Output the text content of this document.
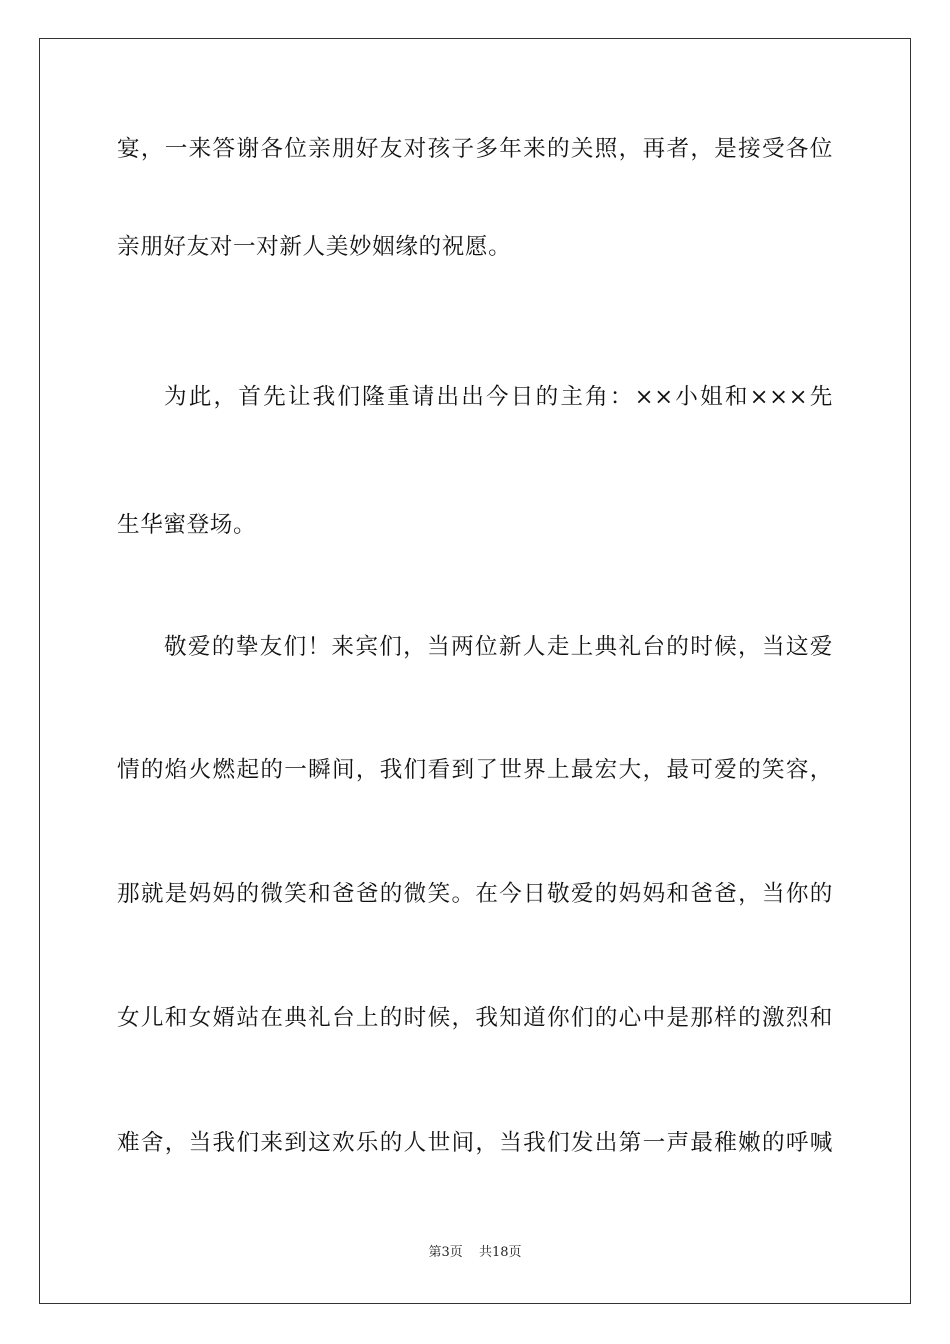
宴，一来答谢各位亲朋好友对孩子多年来的关照，再者，是接受各位
亲朋好友对一对新人美妙姻缘的祝愿。
为此，首先让我们隆重请出出今日的主角：××小姐和×××先
生华蜜登场。
敬爱的挚友们！来宾们，当两位新人走上典礼台的时候，当这爱
情的焰火燃起的一瞬间，我们看到了世界上最宏大，最可爱的笑容，
那就是妈妈的微笑和爸爸的微笑。在今日敬爱的妈妈和爸爸，当你的
女儿和女婿站在典礼台上的时候，我知道你们的心中是那样的激烈和
难舍，当我们来到这欢乐的人世间，当我们发出第一声最稚嫩的呼喊
第3页 共18页
